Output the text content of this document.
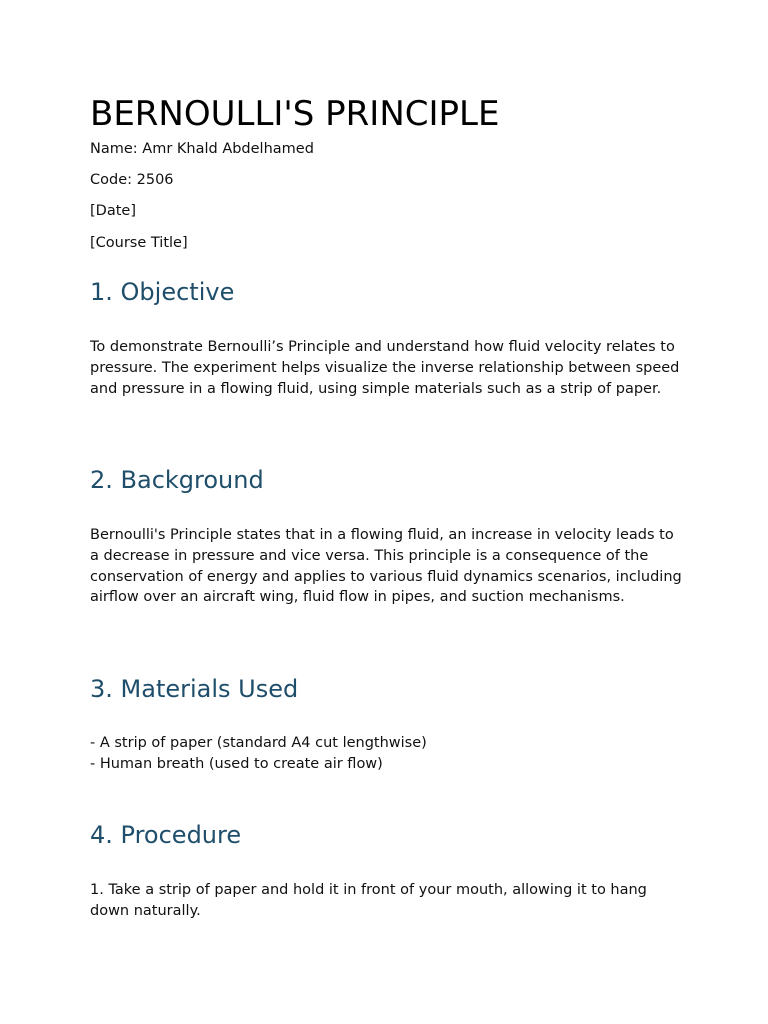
BERNOULLI'S PRINCIPLE

Name: Amr Khald Abdelhamed

Code: 2506

[Date]

[Course Title]

1. Objective

To demonstrate Bernoulli’s Principle and understand how fluid velocity relates to pressure. The experiment helps visualize the inverse relationship between speed and pressure in a flowing fluid, using simple materials such as a strip of paper.

2. Background

Bernoulli's Principle states that in a flowing fluid, an increase in velocity leads to a decrease in pressure and vice versa. This principle is a consequence of the conservation of energy and applies to various fluid dynamics scenarios, including airflow over an aircraft wing, fluid flow in pipes, and suction mechanisms.

3. Materials Used
- A strip of paper (standard A4 cut lengthwise)
- Human breath (used to create air flow)
4. Procedure

1. Take a strip of paper and hold it in front of your mouth, allowing it to hang down naturally.
